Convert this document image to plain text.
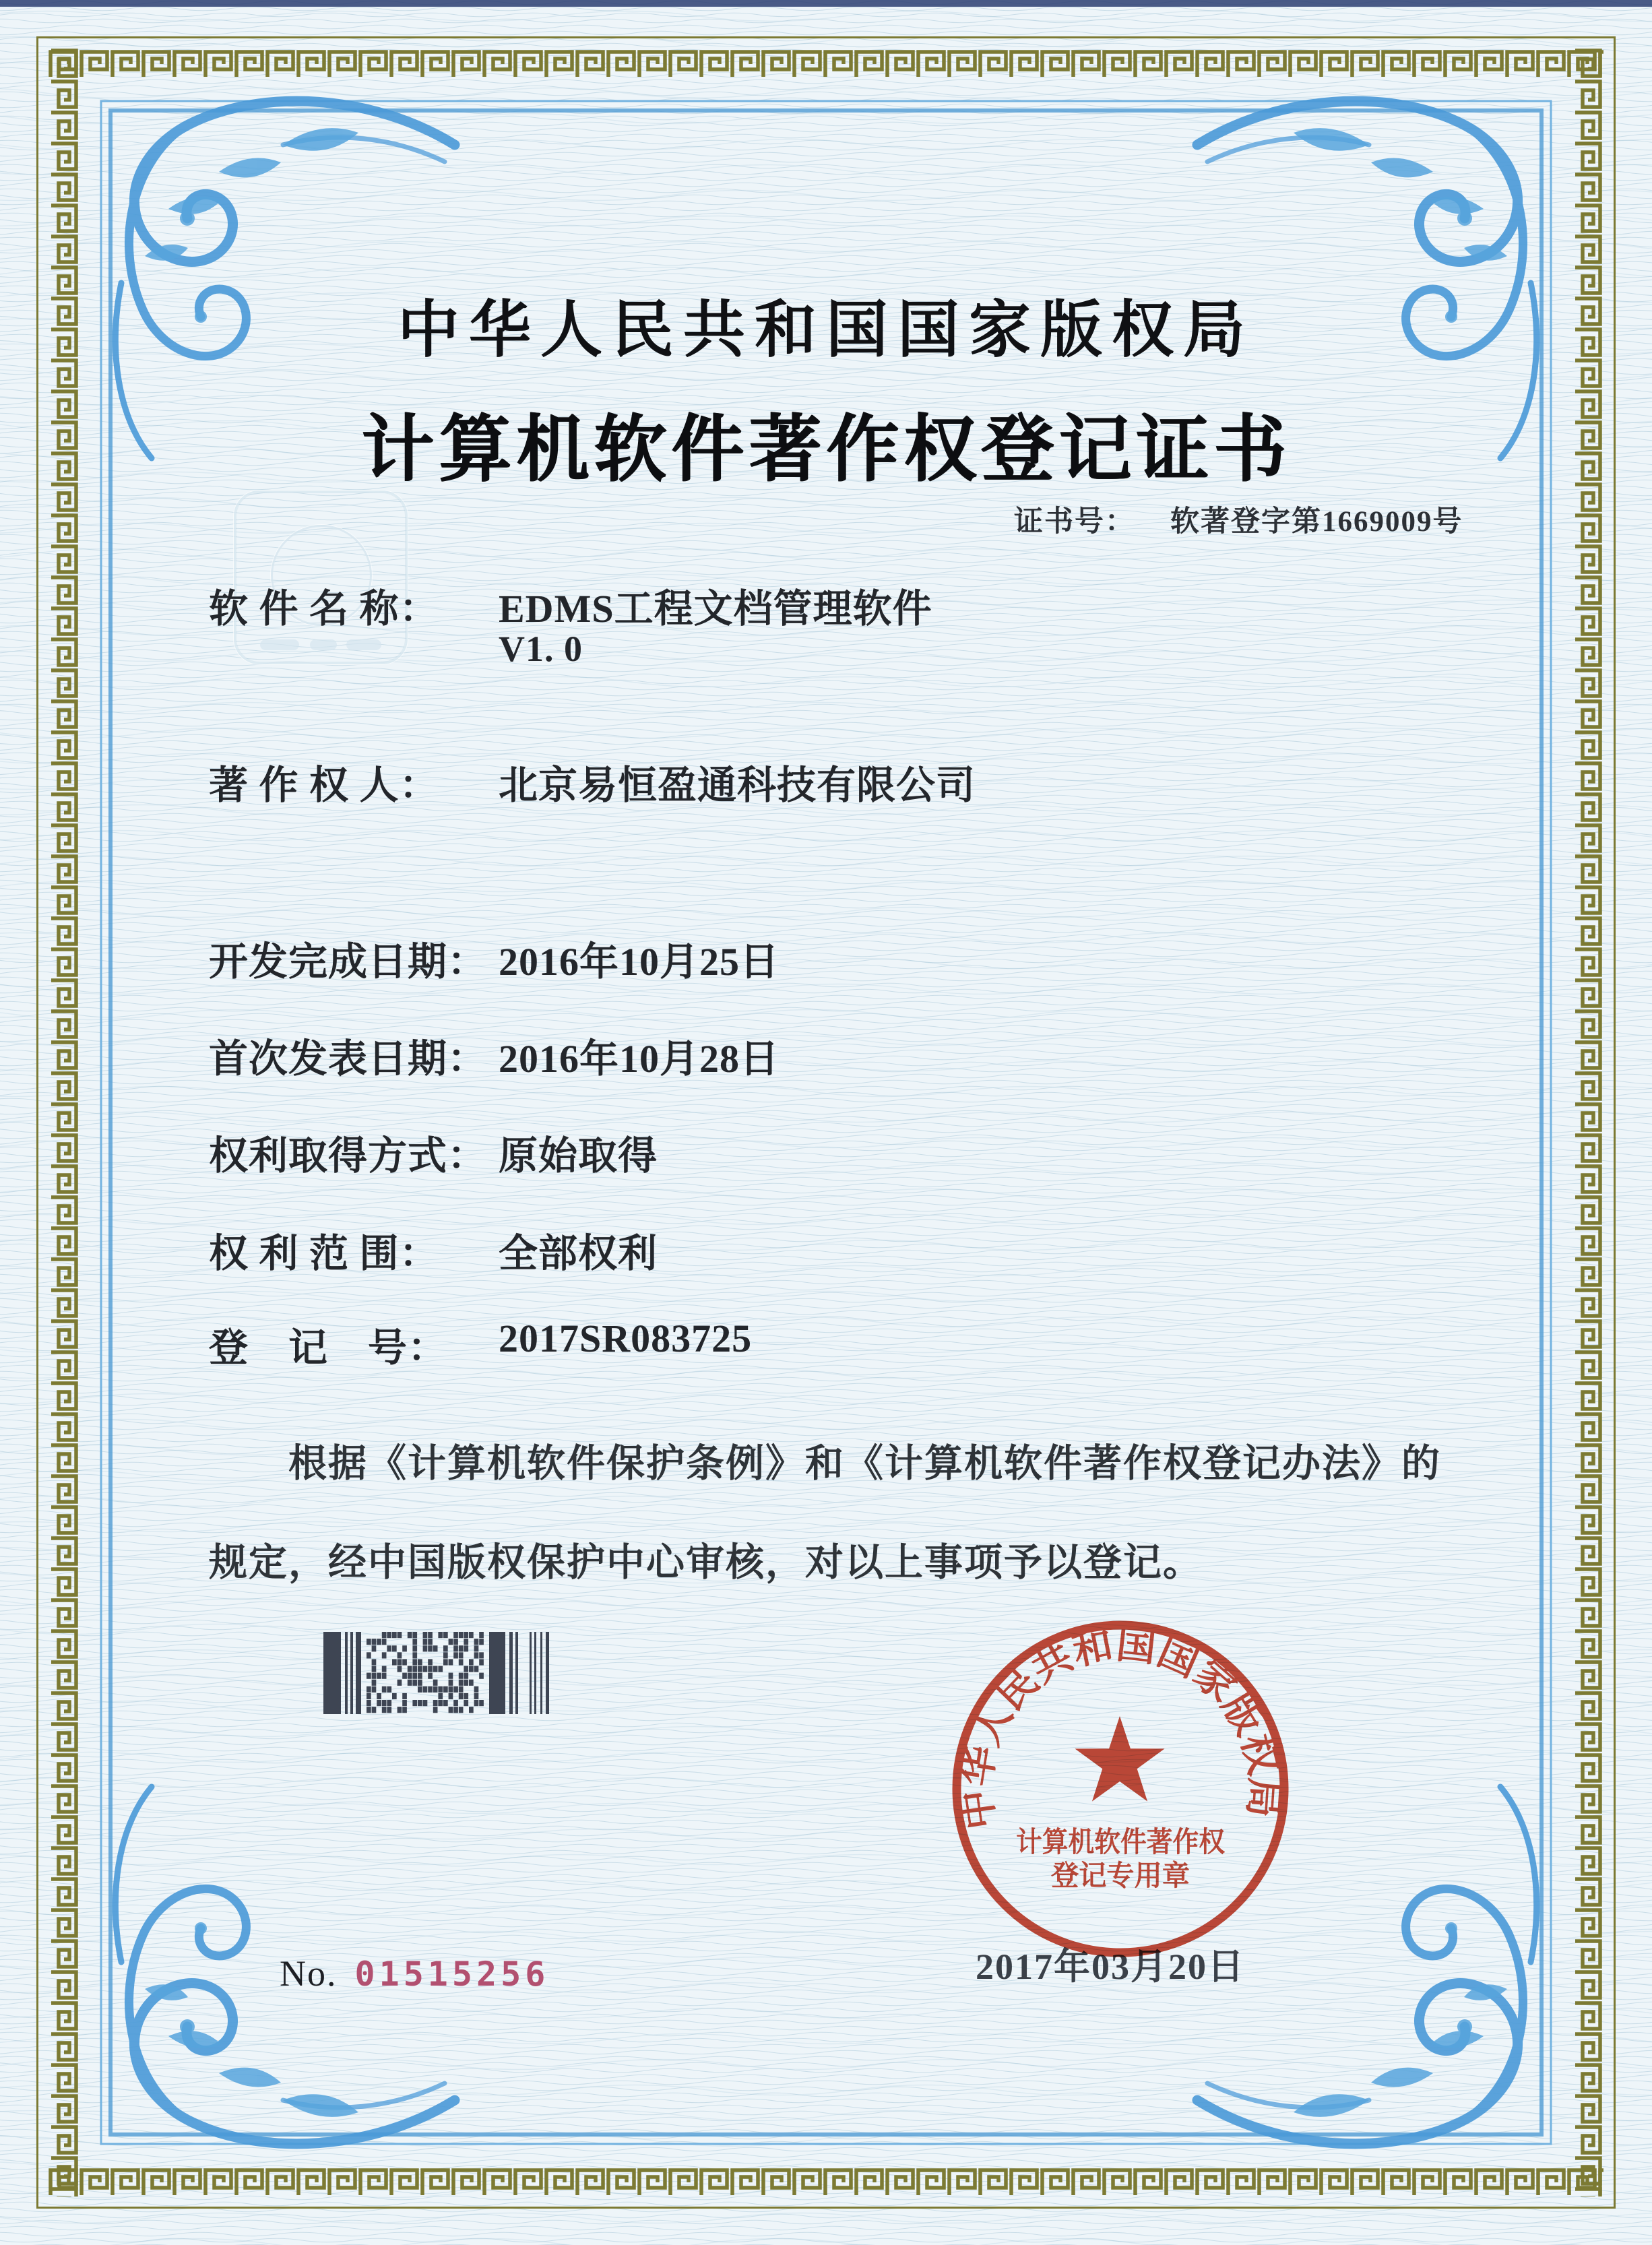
中华人民共和国国家版权局
计算机软件著作权登记证书
证书号： 软著登字第1669009号
软 件 名 称： EDMS工程文档管理软件
V1. 0
著 作 权 人： 北京易恒盈通科技有限公司
开发完成日期： 2016年10月25日
首次发表日期： 2016年10月28日
权利取得方式： 原始取得
权 利 范 围： 全部权利
登　记　号： 2017SR083725
根据《计算机软件保护条例》和《计算机软件著作权登记办法》的
规定，经中国版权保护中心审核，对以上事项予以登记。
2017年03月20日
中华人民共和国国家版权局
计算机软件著作权
登记专用章
No. 01515256
